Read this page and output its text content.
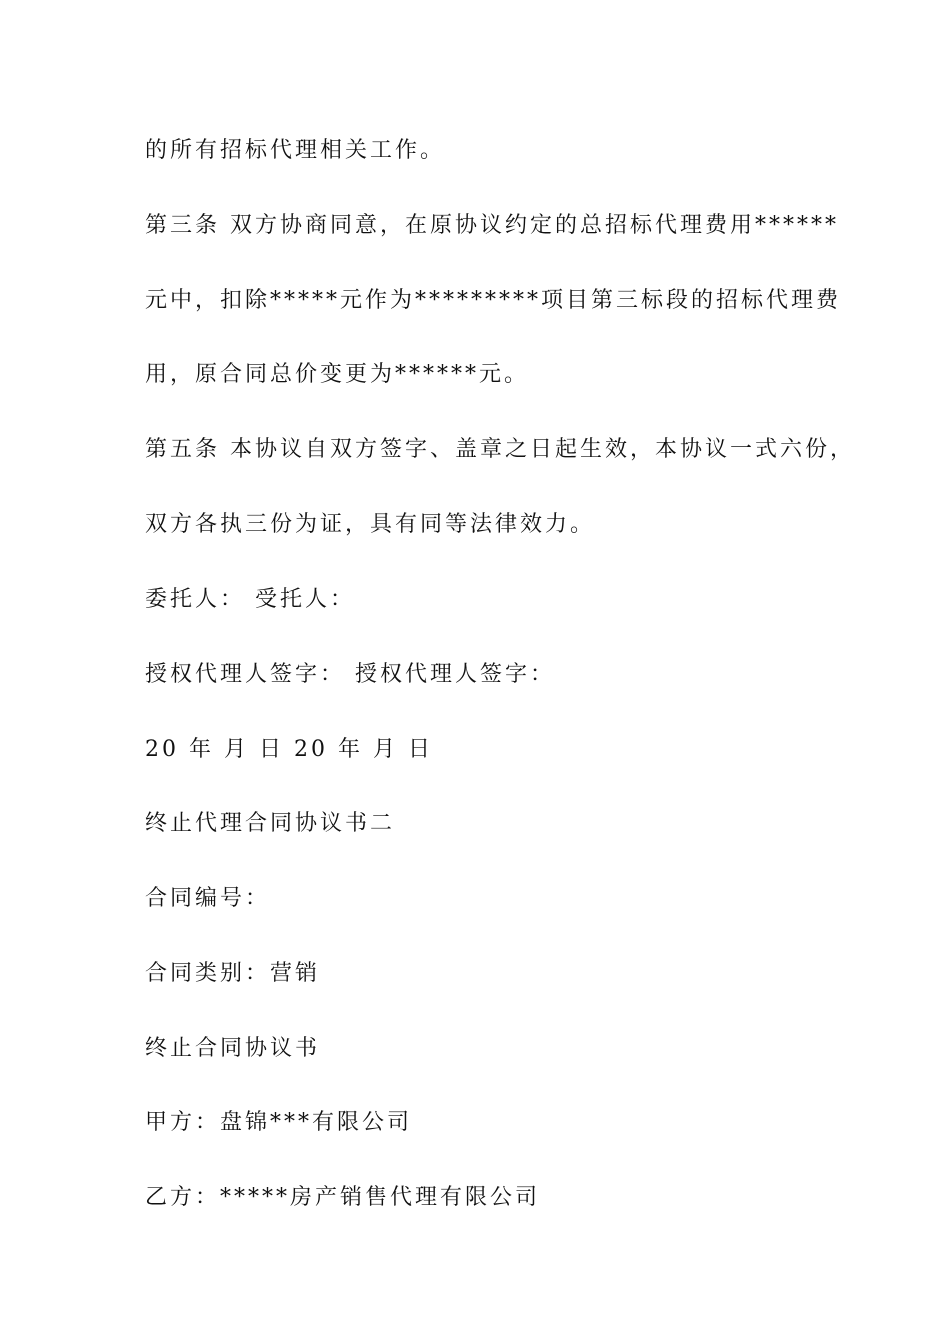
的所有招标代理相关工作。
第三条 双方协商同意，在原协议约定的总招标代理费用******
元中，扣除*****元作为*********项目第三标段的招标代理费
用，原合同总价变更为******元。
第五条 本协议自双方签字、盖章之日起生效，本协议一式六份，
双方各执三份为证，具有同等法律效力。
委托人： 受托人：
授权代理人签字： 授权代理人签字：
20 年 月 日 20 年 月 日
终止代理合同协议书二
合同编号：
合同类别：营销
终止合同协议书
甲方：盘锦***有限公司
乙方：*****房产销售代理有限公司
